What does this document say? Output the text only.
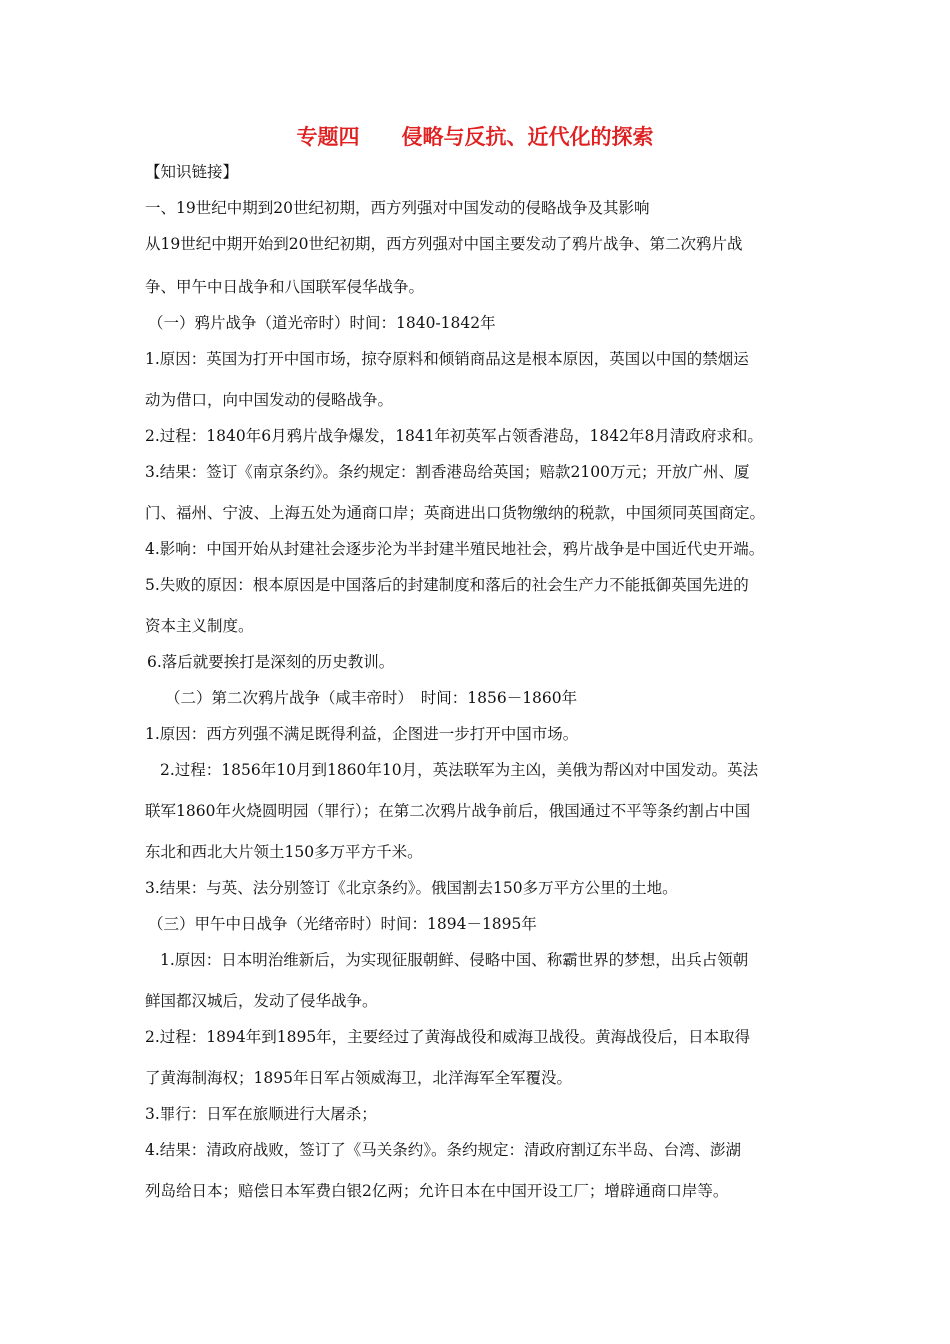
专题四　　侵略与反抗、近代化的探索
【知识链接】
一、19世纪中期到20世纪初期，西方列强对中国发动的侵略战争及其影响
从19世纪中期开始到20世纪初期，西方列强对中国主要发动了鸦片战争、第二次鸦片战
争、甲午中日战争和八国联军侵华战争。
（一）鸦片战争（道光帝时）时间：1840-1842年
1.原因：英国为打开中国市场，掠夺原料和倾销商品这是根本原因，英国以中国的禁烟运
动为借口，向中国发动的侵略战争。
2.过程：1840年6月鸦片战争爆发，1841年初英军占领香港岛，1842年8月清政府求和。
3.结果：签订《南京条约》。条约规定：割香港岛给英国；赔款2100万元；开放广州、厦
门、福州、宁波、上海五处为通商口岸；英商进出口货物缴纳的税款，中国须同英国商定。
4.影响：中国开始从封建社会逐步沦为半封建半殖民地社会，鸦片战争是中国近代史开端。
5.失败的原因：根本原因是中国落后的封建制度和落后的社会生产力不能抵御英国先进的
资本主义制度。
6.落后就要挨打是深刻的历史教训。
（二）第二次鸦片战争（咸丰帝时）　时间：1856－1860年
1.原因：西方列强不满足既得利益，企图进一步打开中国市场。
2.过程：1856年10月到1860年10月，英法联军为主凶，美俄为帮凶对中国发动。英法
联军1860年火烧圆明园（罪行）；在第二次鸦片战争前后，俄国通过不平等条约割占中国
东北和西北大片领土150多万平方千米。
3.结果：与英、法分别签订《北京条约》。俄国割去150多万平方公里的土地。
（三）甲午中日战争（光绪帝时）时间：1894－1895年
1.原因：日本明治维新后，为实现征服朝鲜、侵略中国、称霸世界的梦想，出兵占领朝
鲜国都汉城后，发动了侵华战争。
2.过程：1894年到1895年，主要经过了黄海战役和威海卫战役。黄海战役后，日本取得
了黄海制海权；1895年日军占领威海卫，北洋海军全军覆没。
3.罪行：日军在旅顺进行大屠杀；
4.结果：清政府战败，签订了《马关条约》。条约规定：清政府割辽东半岛、台湾、澎湖
列岛给日本；赔偿日本军费白银2亿两；允许日本在中国开设工厂；增辟通商口岸等。
